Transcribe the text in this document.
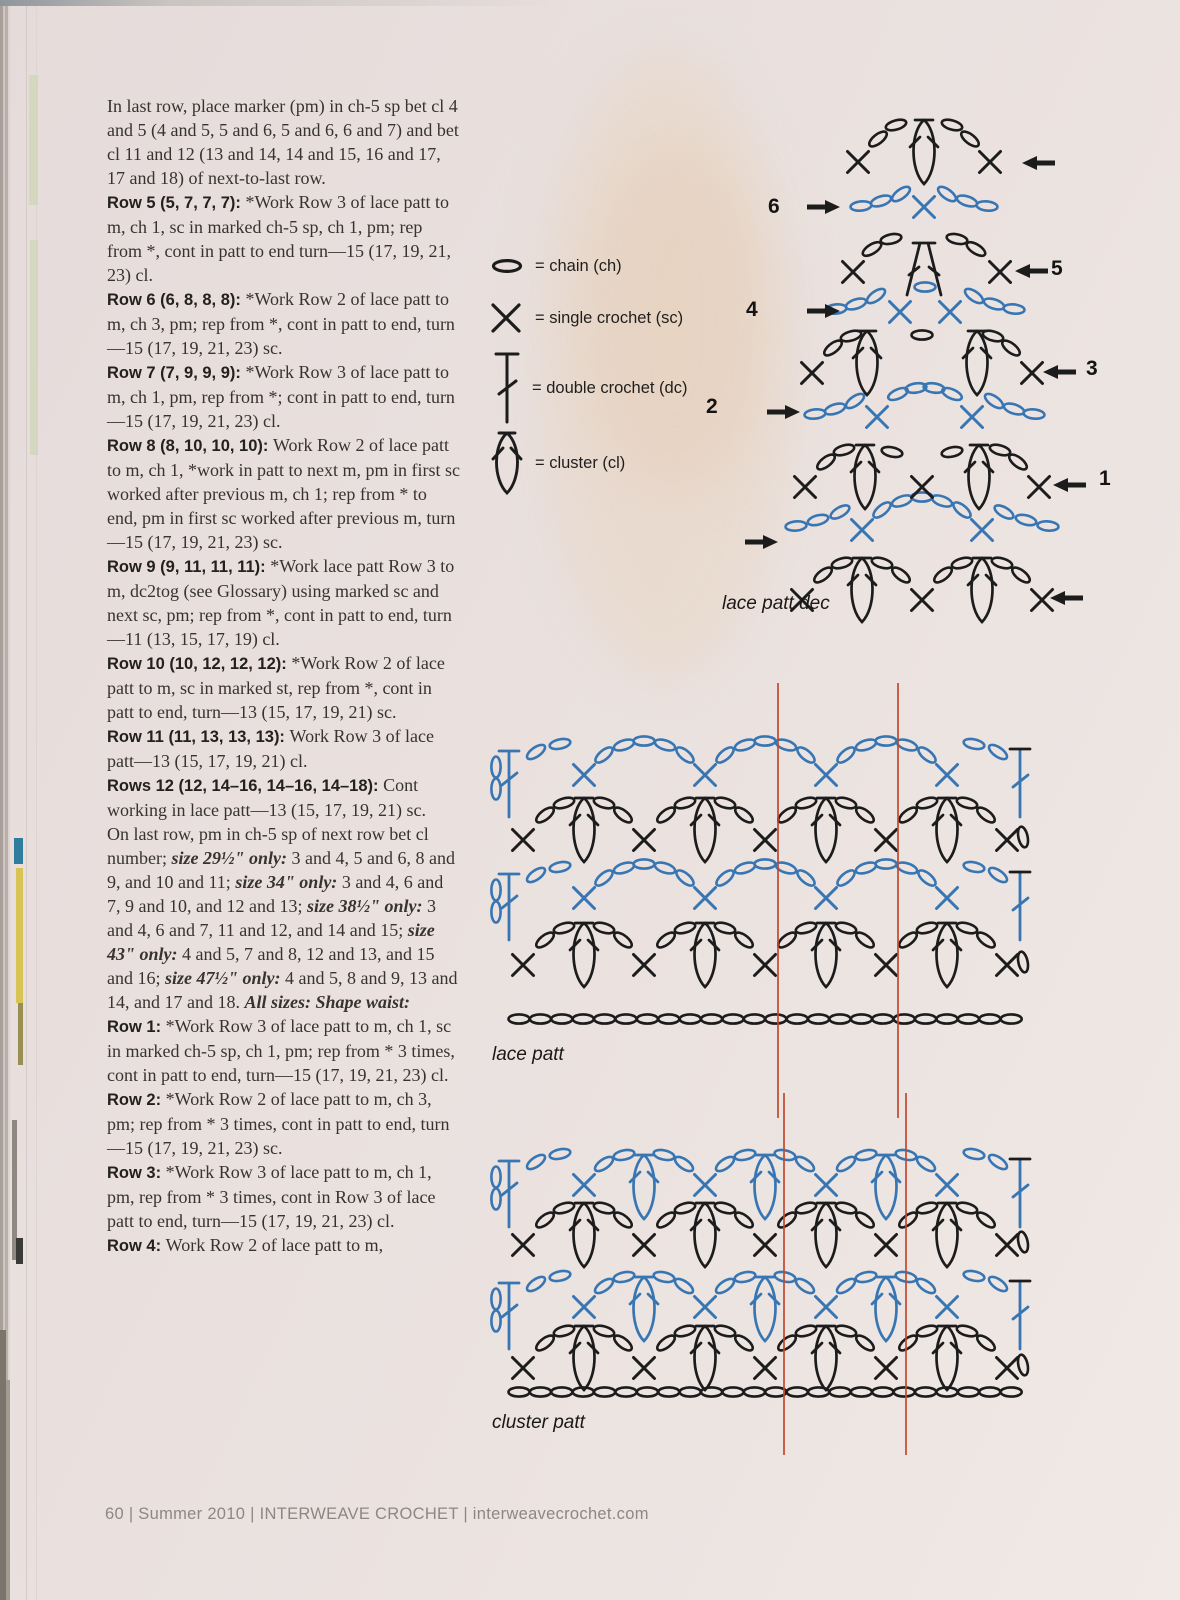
In last row, place marker (pm) in ch-5 sp bet cl 4 and 5 (4 and 5, 5 and 6, 5 and 6, 6 and 7) and bet cl 11 and 12 (13 and 14, 14 and 15, 16 and 17, 17 and 18) of next-to-last row.

Row 5 (5, 7, 7, 7): *Work Row 3 of lace patt to m, ch 1, sc in marked ch-5 sp, ch 1, pm; rep from *, cont in patt to end turn—15 (17, 19, 21, 23) cl.

Row 6 (6, 8, 8, 8): *Work Row 2 of lace patt to m, ch 3, pm; rep from *, cont in patt to end, turn—15 (17, 19, 21, 23) sc.

Row 7 (7, 9, 9, 9): *Work Row 3 of lace patt to m, ch 1, pm, rep from *; cont in patt to end, turn—15 (17, 19, 21, 23) cl.

Row 8 (8, 10, 10, 10): Work Row 2 of lace patt to m, ch 1, *work in patt to next m, pm in first sc worked after previous m, ch 1; rep from * to end, pm in first sc worked after previous m, turn—15 (17, 19, 21, 23) sc.

Row 9 (9, 11, 11, 11): *Work lace patt Row 3 to m, dc2tog (see Glossary) using marked sc and next sc, pm; rep from *, cont in patt to end, turn—11 (13, 15, 17, 19) cl.

Row 10 (10, 12, 12, 12): *Work Row 2 of lace patt to m, sc in marked st, rep from *, cont in patt to end, turn—13 (15, 17, 19, 21) sc.

Row 11 (11, 13, 13, 13): Work Row 3 of lace patt—13 (15, 17, 19, 21) cl.

Rows 12 (12, 14–16, 14–16, 14–18): Cont working in lace patt—13 (15, 17, 19, 21) sc.

On last row, pm in ch-5 sp of next row bet cl number; size 29½" only: 3 and 4, 5 and 6, 8 and 9, and 10 and 11; size 34" only: 3 and 4, 6 and 7, 9 and 10, and 12 and 13; size 38½" only: 3 and 4, 6 and 7, 11 and 12, and 14 and 15; size 43" only: 4 and 5, 7 and 8, 12 and 13, and 15 and 16; size 47½" only: 4 and 5, 8 and 9, 13 and 14, and 17 and 18. All sizes: Shape waist:

Row 1: *Work Row 3 of lace patt to m, ch 1, sc in marked ch-5 sp, ch 1, pm; rep from * 3 times, cont in patt to end, turn—15 (17, 19, 21, 23) cl.

Row 2: *Work Row 2 of lace patt to m, ch 3, pm; rep from * 3 times, cont in patt to end, turn—15 (17, 19, 21, 23) sc.

Row 3: *Work Row 3 of lace patt to m, ch 1, pm, rep from * 3 times, cont in Row 3 of lace patt to end, turn—15 (17, 19, 21, 23) cl.

Row 4: Work Row 2 of lace patt to m,

= chain (ch)
= single crochet (sc)
= double crochet (dc)
= cluster (cl)
6
5
4
3
2
1
lace patt dec
lace patt
cluster patt
60 | Summer 2010 | INTERWEAVE CROCHET | interweavecrochet.com
